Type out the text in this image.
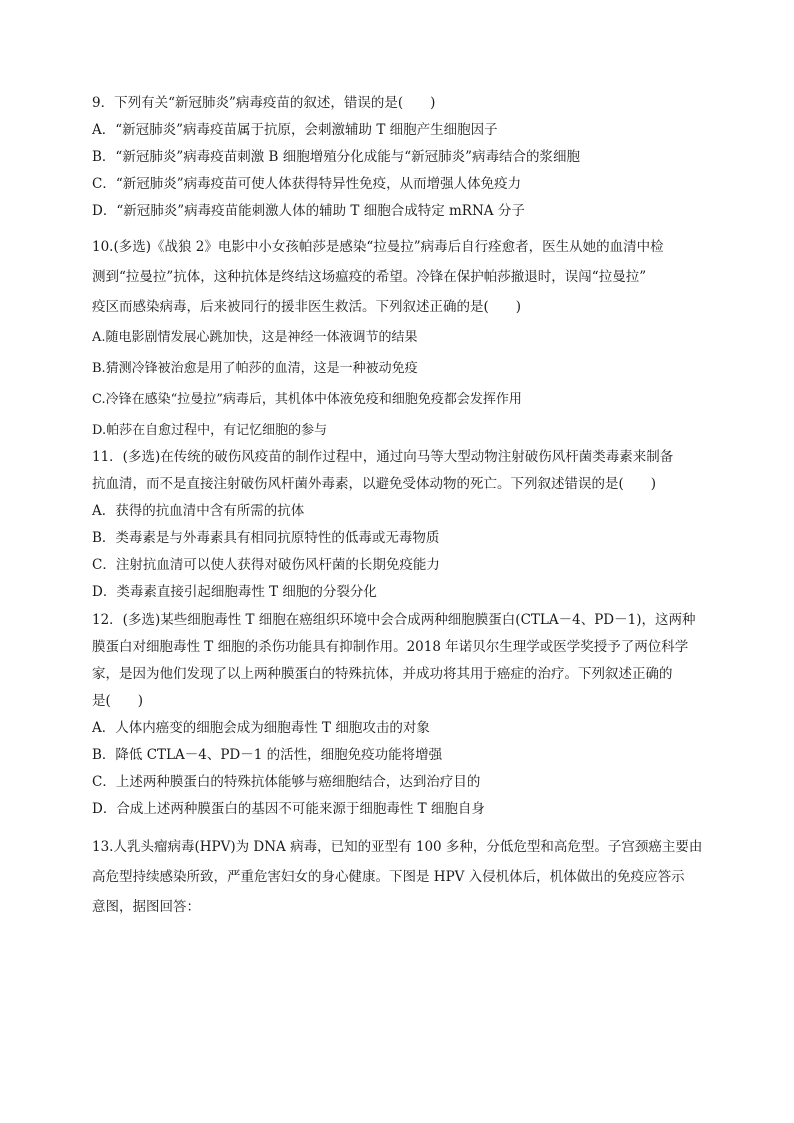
9．下列有关“新冠肺炎”病毒疫苗的叙述，错误的是(　　)
A．“新冠肺炎”病毒疫苗属于抗原，会刺激辅助 T 细胞产生细胞因子
B．“新冠肺炎”病毒疫苗刺激 B 细胞增殖分化成能与“新冠肺炎”病毒结合的浆细胞
C．“新冠肺炎”病毒疫苗可使人体获得特异性免疫，从而增强人体免疫力
D．“新冠肺炎”病毒疫苗能刺激人体的辅助 T 细胞合成特定 mRNA 分子
10.(多选)《战狼 2》电影中小女孩帕莎是感染“拉曼拉”病毒后自行痊愈者，医生从她的血清中检
测到“拉曼拉”抗体，这种抗体是终结这场瘟疫的希望。冷锋在保护帕莎撤退时，误闯“拉曼拉”
疫区而感染病毒，后来被同行的援非医生救活。下列叙述正确的是(　　)
A.随电影剧情发展心跳加快，这是神经一体液调节的结果
B.猜测冷锋被治愈是用了帕莎的血清，这是一种被动免疫
C.冷锋在感染“拉曼拉”病毒后，其机体中体液免疫和细胞免疫都会发挥作用
D.帕莎在自愈过程中，有记忆细胞的参与
11．(多选)在传统的破伤风疫苗的制作过程中，通过向马等大型动物注射破伤风杆菌类毒素来制备
抗血清，而不是直接注射破伤风杆菌外毒素，以避免受体动物的死亡。下列叙述错误的是(　　)
A．获得的抗血清中含有所需的抗体
B．类毒素是与外毒素具有相同抗原特性的低毒或无毒物质
C．注射抗血清可以使人获得对破伤风杆菌的长期免疫能力
D．类毒素直接引起细胞毒性 T 细胞的分裂分化
12．(多选)某些细胞毒性 T 细胞在癌组织环境中会合成两种细胞膜蛋白(CTLA－4、PD－1)，这两种
膜蛋白对细胞毒性 T 细胞的杀伤功能具有抑制作用。2018 年诺贝尔生理学或医学奖授予了两位科学
家，是因为他们发现了以上两种膜蛋白的特殊抗体，并成功将其用于癌症的治疗。下列叙述正确的
是(　　)
A．人体内癌变的细胞会成为细胞毒性 T 细胞攻击的对象
B．降低 CTLA－4、PD－1 的活性，细胞免疫功能将增强
C．上述两种膜蛋白的特殊抗体能够与癌细胞结合，达到治疗目的
D．合成上述两种膜蛋白的基因不可能来源于细胞毒性 T 细胞自身
13.人乳头瘤病毒(HPV)为 DNA 病毒，已知的亚型有 100 多种，分低危型和高危型。子宫颈癌主要由
高危型持续感染所致，严重危害妇女的身心健康。下图是 HPV 入侵机体后，机体做出的免疫应答示
意图，据图回答：
